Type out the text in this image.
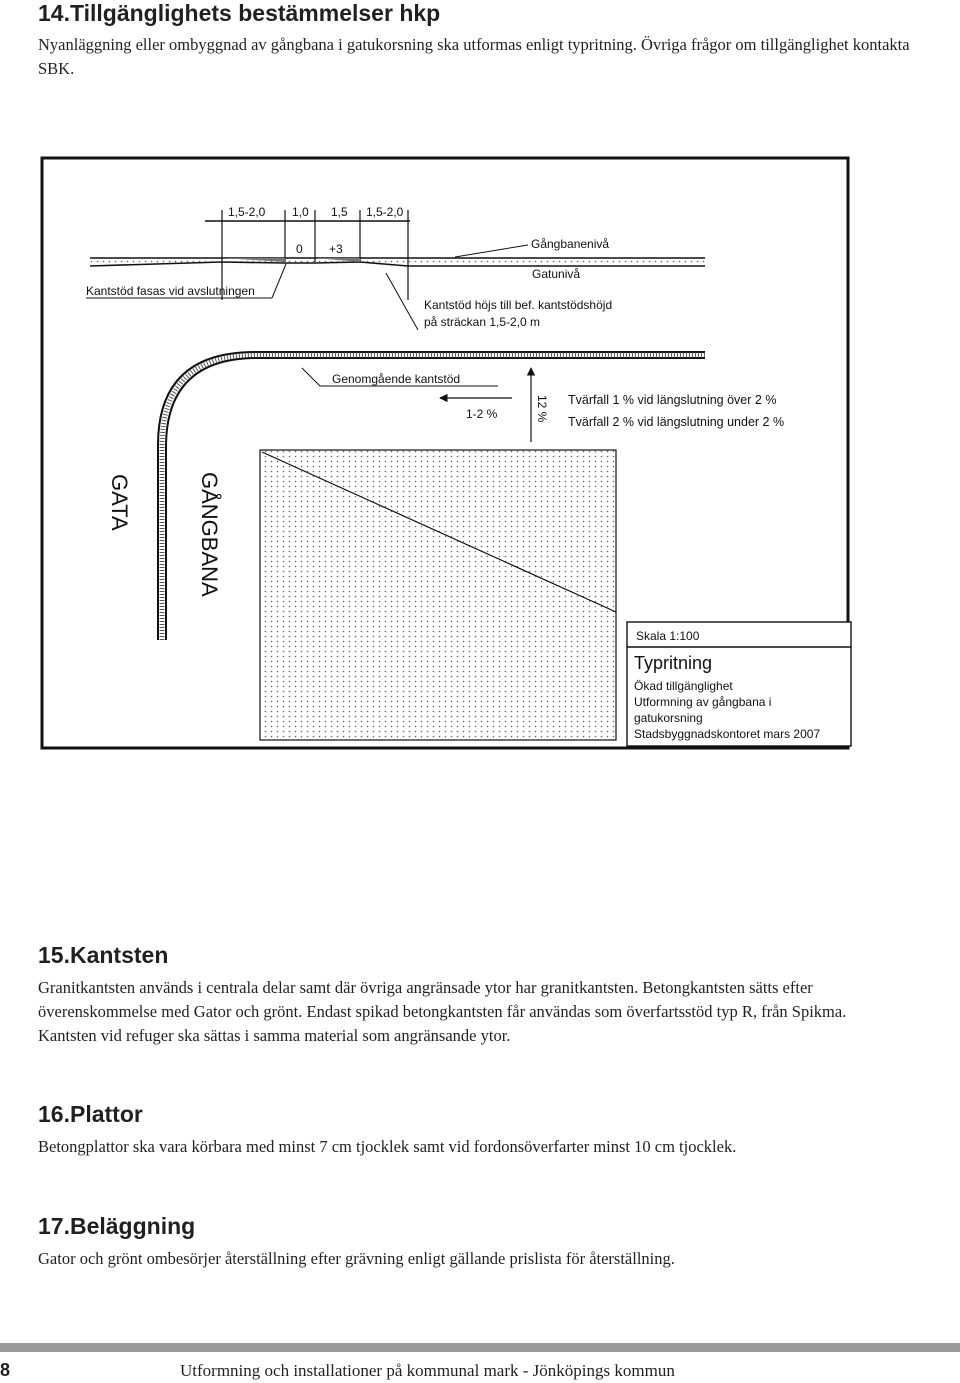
14.Tillgänglighets bestämmelser hkp

Nyanläggning eller ombyggnad av gångbana i gatukorsning ska utformas enligt typritning. Övriga frågor om tillgänglighet kontakta SBK.

1,5-2,0 1,0 1,5 1,5-2,0
0 +3	Gångbanenivå
Gatunivå
Kantstöd fasas vid avslutningen
Kantstöd höjs till bef. kantstödshöjd
på sträckan 1,5-2,0 m
Genomgående kantstöd
1-2 %	12 % Tvärfall 1 % vid längslutning över 2 %
Tvärfall 2 % vid längslutning under 2 %
GATA	GÅNGBANA
Skala 1:100
Typritning
Ökad tillgänglighet
Utformning av gångbana i
gatukorsning
Stadsbyggnadskontoret mars 2007
15.Kantsten

Granitkantsten används i centrala delar samt där övriga angränsade ytor har granitkantsten. Betongkantsten sätts efter överenskommelse med Gator och grönt. Endast spikad betongkantsten får användas som överfartsstöd typ R, från Spikma. Kantsten vid refuger ska sättas i samma material som angränsande ytor.

16.Plattor

Betongplattor ska vara körbara med minst 7 cm tjocklek samt vid fordonsöverfarter minst 10 cm tjocklek.

17.Beläggning

Gator och grönt ombesörjer återställning efter grävning enligt gällande prislista för återställning.

8	Utformning och installationer på kommunal mark - Jönköpings kommun
